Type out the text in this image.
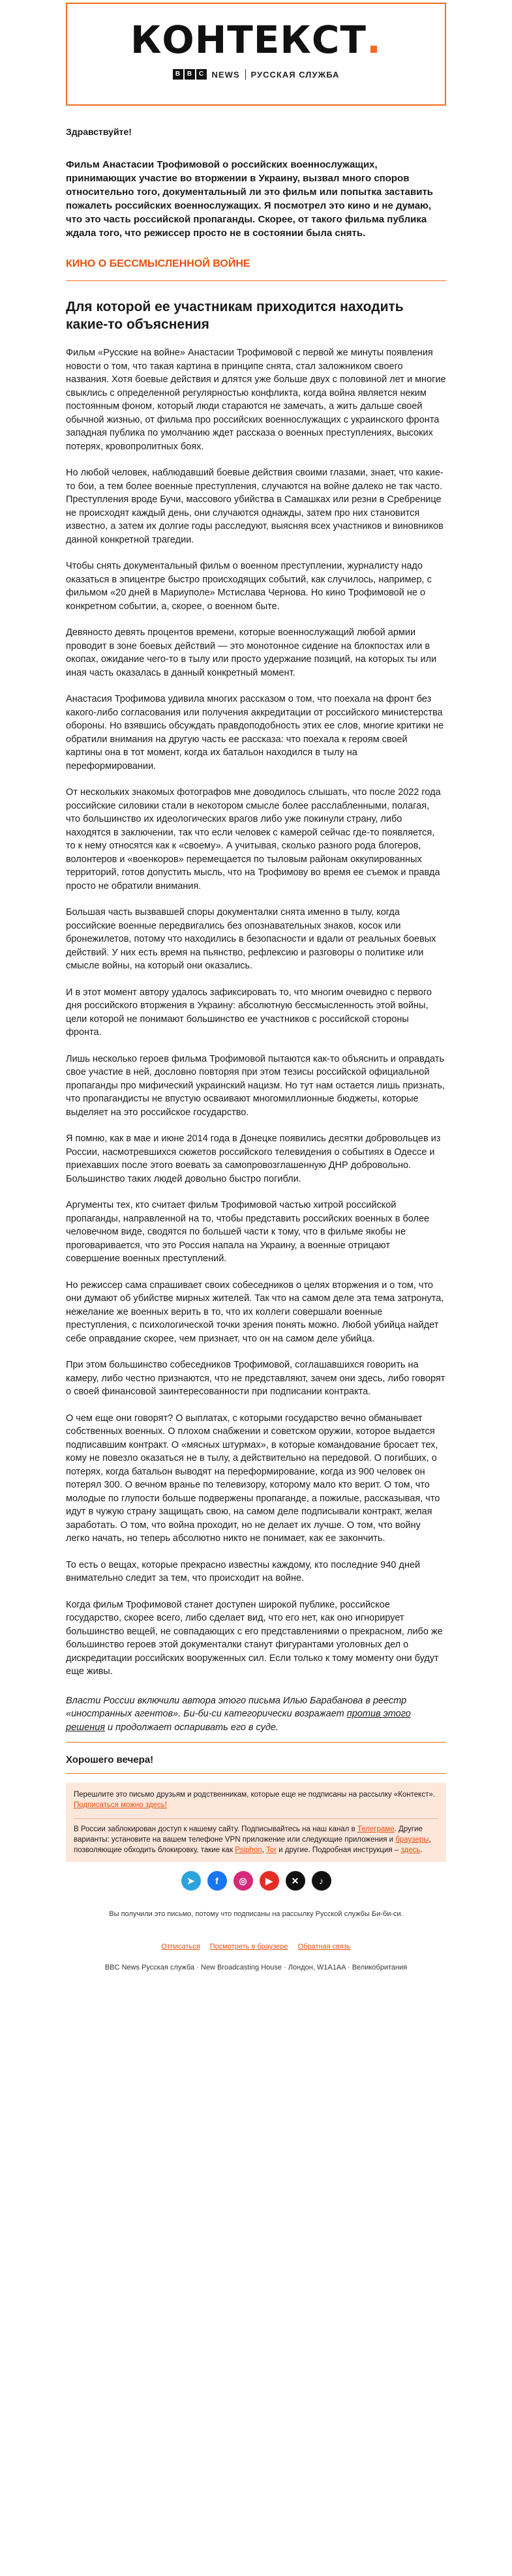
КОНТЕКСТ.
B	B	C NEWS РУССКАЯ СЛУЖБА
Здравствуйте!
Фильм Анастасии Трофимовой о российских военнослужащих, принимающих участие во вторжении в Украину, вызвал много споров относительно того, документальный ли это фильм или попытка заставить пожалеть российских военнослужащих. Я посмотрел это кино и не думаю, что это часть российской пропаганды. Скорее, от такого фильма публика ждала того, что режиссер просто не в состоянии была снять.
КИНО О БЕССМЫСЛЕННОЙ ВОЙНЕ
Для которой ее участникам приходится находить какие-то объяснения

Фильм «Русские на войне» Анастасии Трофимовой с первой же минуты появления новости о том, что такая картина в принципе снята, стал заложником своего названия. Хотя боевые действия и длятся уже больше двух с половиной лет и многие свыклись с определенной регулярностью конфликта, когда война является неким постоянным фоном, который люди стараются не замечать, а жить дальше своей обычной жизнью, от фильма про российских военнослужащих с украинского фронта западная публика по умолчанию ждет рассказа о военных преступлениях, высоких потерях, кровопролитных боях.

Но любой человек, наблюдавший боевые действия своими глазами, знает, что какие-то бои, а тем более военные преступления, случаются на войне далеко не так часто. Преступления вроде Бучи, массового убийства в Самашках или резни в Сребренице не происходят каждый день, они случаются однажды, затем про них становится известно, а затем их долгие годы расследуют, выясняя всех участников и виновников данной конкретной трагедии.

Чтобы снять документальный фильм о военном преступлении, журналисту надо оказаться в эпицентре быстро происходящих событий, как случилось, например, с фильмом «20 дней в Мариуполе» Мстислава Чернова. Но кино Трофимовой не о конкретном событии, а, скорее, о военном быте.

Девяносто девять процентов времени, которые военнослужащий любой армии проводит в зоне боевых действий — это монотонное сидение на блокпостах или в окопах, ожидание чего-то в тылу или просто удержание позиций, на которых ты или иная часть оказалась в данный конкретный момент.

Анастасия Трофимова удивила многих рассказом о том, что поехала на фронт без какого-либо согласования или получения аккредитации от российского министерства обороны. Но взявшись обсуждать правдоподобность этих ее слов, многие критики не обратили внимания на другую часть ее рассказа: что поехала к героям своей картины она в тот момент, когда их батальон находился в тылу на переформировании.

От нескольких знакомых фотографов мне доводилось слышать, что после 2022 года российские силовики стали в некотором смысле более расслабленными, полагая, что большинство их идеологических врагов либо уже покинули страну, либо находятся в заключении, так что если человек с камерой сейчас где-то появляется, то к нему относятся как к «своему». А учитывая, сколько разного рода блогеров, волонтеров и «военкоров» перемещается по тыловым районам оккупированных территорий, готов допустить мысль, что на Трофимову во время ее съемок и правда просто не обратили внимания.

Большая часть вызвавшей споры документалки снята именно в тылу, когда российские военные передвигались без опознавательных знаков, косок или бронежилетов, потому что находились в безопасности и вдали от реальных боевых действий. У них есть время на пьянство, рефлексию и разговоры о политике или смысле войны, на который они оказались.

И в этот момент автору удалось зафиксировать то, что многим очевидно с первого дня российского вторжения в Украину: абсолютную бессмысленность этой войны, цели которой не понимают большинство ее участников с российской стороны фронта.

Лишь несколько героев фильма Трофимовой пытаются как-то объяснить и оправдать свое участие в ней, дословно повторяя при этом тезисы российской официальной пропаганды про мифический украинский нацизм. Но тут нам остается лишь признать, что пропагандисты не впустую осваивают многомиллионные бюджеты, которые выделяет на это российское государство.

Я помню, как в мае и июне 2014 года в Донецке появились десятки добровольцев из России, насмотревшихся сюжетов российского телевидения о событиях в Одессе и приехавших после этого воевать за самопровозглашенную ДНР добровольно. Большинство таких людей довольно быстро погибли.

Аргументы тех, кто считает фильм Трофимовой частью хитрой российской пропаганды, направленной на то, чтобы представить российских военных в более человечном виде, сводятся по большей части к тому, что в фильме якобы не проговаривается, что это Россия напала на Украину, а военные отрицают совершение военных преступлений.

Но режиссер сама спрашивает своих собеседников о целях вторжения и о том, что они думают об убийстве мирных жителей. Так что на самом деле эта тема затронута, нежелание же военных верить в то, что их коллеги совершали военные преступления, с психологической точки зрения понять можно. Любой убийца найдет себе оправдание скорее, чем признает, что он на самом деле убийца.

При этом большинство собеседников Трофимовой, соглашавшихся говорить на камеру, либо честно признаются, что не представляют, зачем они здесь, либо говорят о своей финансовой заинтересованности при подписании контракта.

О чем еще они говорят? О выплатах, с которыми государство вечно обманывает собственных военных. О плохом снабжении и советском оружии, которое выдается подписавшим контракт. О «мясных штурмах», в которые командование бросает тех, кому не повезло оказаться не в тылу, а действительно на передовой. О погибших, о потерях, когда батальон выводят на переформирование, когда из 900 человек он потерял 300. О вечном вранье по телевизору, которому мало кто верит. О том, что молодые по глупости больше подвержены пропаганде, а пожилые, рассказывая, что идут в чужую страну защищать свою, на самом деле подписывали контракт, желая заработать. О том, что война проходит, но не делает их лучше. О том, что войну легко начать, но теперь абсолютно никто не понимает, как ее закончить.

То есть о вещах, которые прекрасно известны каждому, кто последние 940 дней внимательно следит за тем, что происходит на войне.

Когда фильм Трофимовой станет доступен широкой публике, российское государство, скорее всего, либо сделает вид, что его нет, как оно игнорирует большинство вещей, не совпадающих с его представлениями о прекрасном, либо же большинство героев этой документалки станут фигурантами уголовных дел о дискредитации российских вооруженных сил. Если только к тому моменту они будут еще живы.

Власти России включили автора этого письма Илью Барабанова в реестр «иностранных агентов». Би-би-си категорически возражает против этого решения и продолжает оспаривать его в суде.

Хорошего вечера!
Перешлите это письмо друзьям и родственникам, которые еще не подписаны на рассылку «Контекст». Подписаться можно здесь!
В России заблокирован доступ к нашему сайту. Подписывайтесь на наш канал в Телеграме. Другие варианты: установите на вашем телефоне VPN приложение или следующие приложения и браузеры, позволяющие обходить блокировку, такие как Psiphon, Tor и другие. Подробная инструкция – здесь.
➤	f	◎	▶	✕	♪
Вы получили это письмо, потому что подписаны на рассылку Русской службы Би-би-си.
Отписаться Посмотреть в браузере Обратная связь
BBC News Русская служба · New Broadcasting House · Лондон, W1A1AA · Великобритания
